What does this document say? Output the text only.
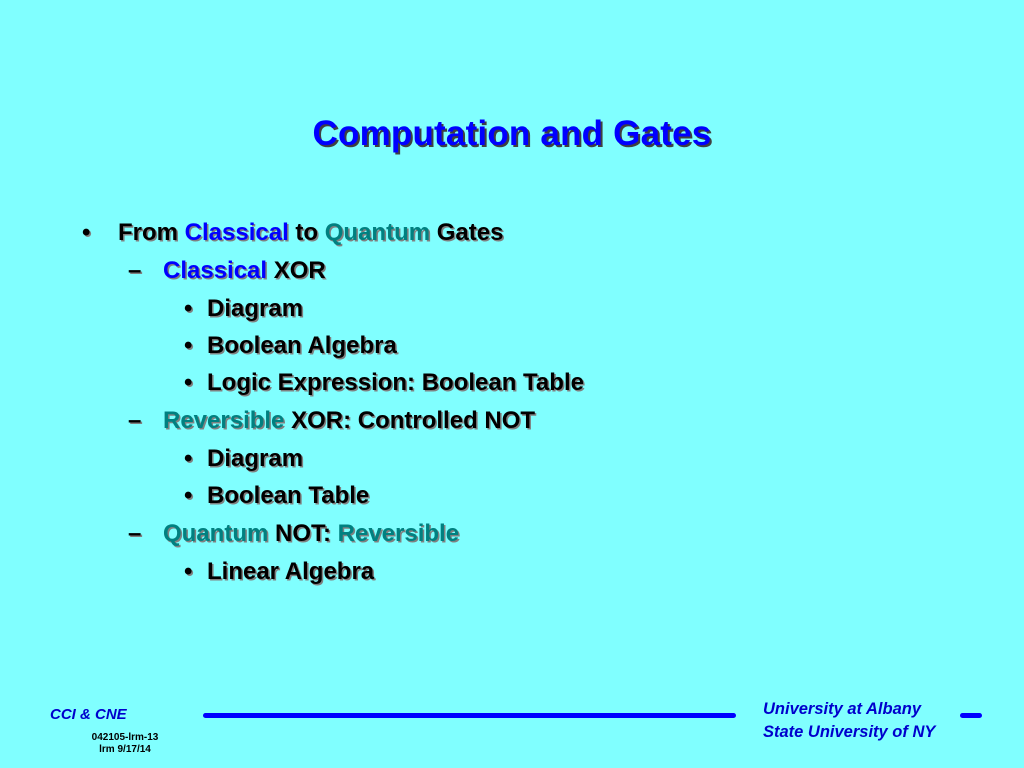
Computation and Gates
• From Classical to Quantum Gates
– Classical XOR
• Diagram
• Boolean Algebra
• Logic Expression: Boolean Table
– Reversible XOR: Controlled NOT
• Diagram
• Boolean Table
– Quantum NOT: Reversible
• Linear Algebra
CCI & CNE
042105-lrm-13
lrm 9/17/14
University at Albany
State University of NY
